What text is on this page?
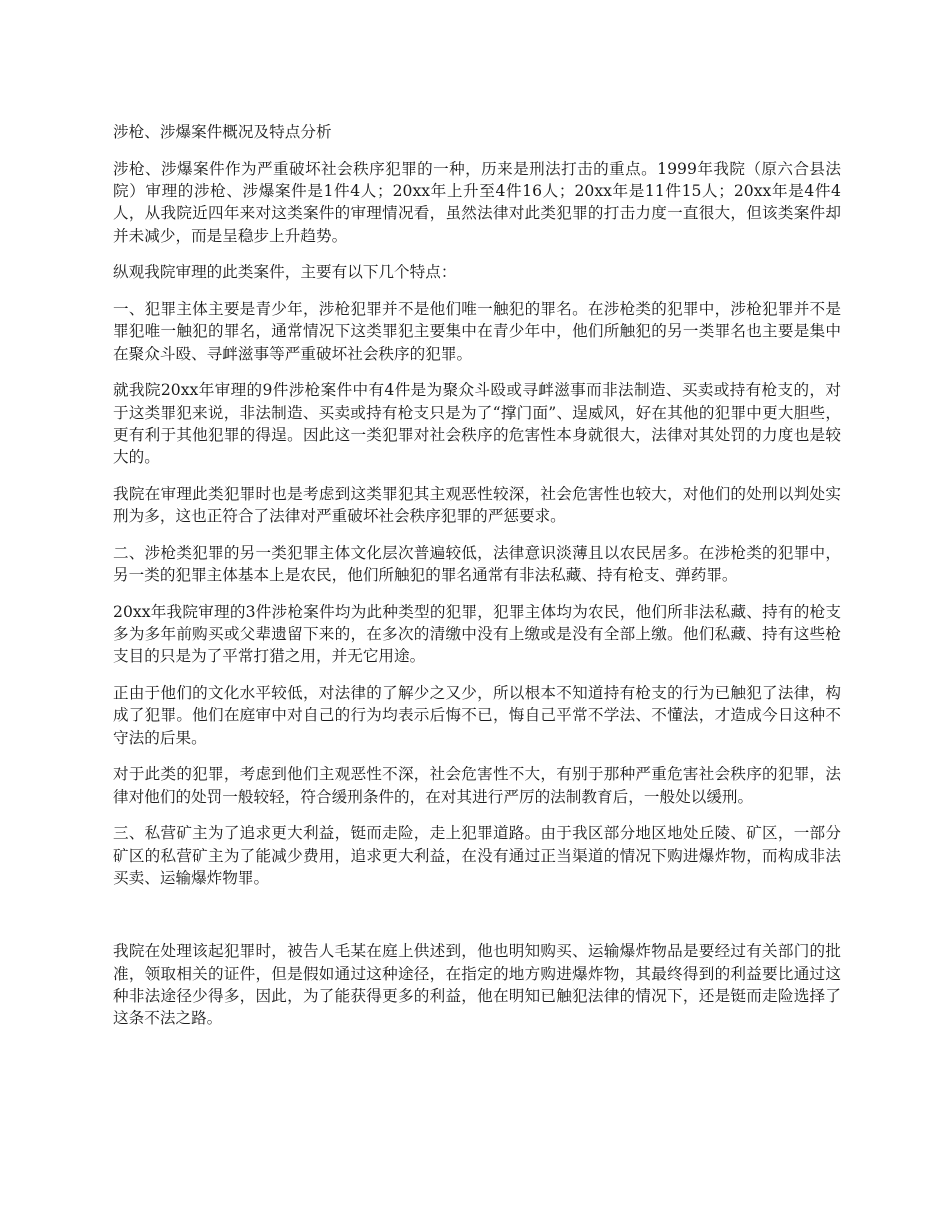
涉枪、涉爆案件概况及特点分析

涉枪、涉爆案件作为严重破坏社会秩序犯罪的一种，历来是刑法打击的重点。1999年我院（原六合县法院）审理的涉枪、涉爆案件是1件4人；20xx年上升至4件16人；20xx年是11件15人；20xx年是4件4人，从我院近四年来对这类案件的审理情况看，虽然法律对此类犯罪的打击力度一直很大，但该类案件却并未减少，而是呈稳步上升趋势。

纵观我院审理的此类案件，主要有以下几个特点：

一、犯罪主体主要是青少年，涉枪犯罪并不是他们唯一触犯的罪名。在涉枪类的犯罪中，涉枪犯罪并不是罪犯唯一触犯的罪名，通常情况下这类罪犯主要集中在青少年中，他们所触犯的另一类罪名也主要是集中在聚众斗殴、寻衅滋事等严重破坏社会秩序的犯罪。

就我院20xx年审理的9件涉枪案件中有4件是为聚众斗殴或寻衅滋事而非法制造、买卖或持有枪支的，对于这类罪犯来说，非法制造、买卖或持有枪支只是为了“撑门面”、逞威风，好在其他的犯罪中更大胆些，更有利于其他犯罪的得逞。因此这一类犯罪对社会秩序的危害性本身就很大，法律对其处罚的力度也是较大的。

我院在审理此类犯罪时也是考虑到这类罪犯其主观恶性较深，社会危害性也较大，对他们的处刑以判处实刑为多，这也正符合了法律对严重破坏社会秩序犯罪的严惩要求。

二、涉枪类犯罪的另一类犯罪主体文化层次普遍较低，法律意识淡薄且以农民居多。在涉枪类的犯罪中，另一类的犯罪主体基本上是农民，他们所触犯的罪名通常有非法私藏、持有枪支、弹药罪。

20xx年我院审理的3件涉枪案件均为此种类型的犯罪，犯罪主体均为农民，他们所非法私藏、持有的枪支多为多年前购买或父辈遗留下来的，在多次的清缴中没有上缴或是没有全部上缴。他们私藏、持有这些枪支目的只是为了平常打猎之用，并无它用途。

正由于他们的文化水平较低，对法律的了解少之又少，所以根本不知道持有枪支的行为已触犯了法律，构成了犯罪。他们在庭审中对自己的行为均表示后悔不已，悔自己平常不学法、不懂法，才造成今日这种不守法的后果。

对于此类的犯罪，考虑到他们主观恶性不深，社会危害性不大，有别于那种严重危害社会秩序的犯罪，法律对他们的处罚一般较轻，符合缓刑条件的，在对其进行严厉的法制教育后，一般处以缓刑。

三、私营矿主为了追求更大利益，铤而走险，走上犯罪道路。由于我区部分地区地处丘陵、矿区，一部分矿区的私营矿主为了能减少费用，追求更大利益，在没有通过正当渠道的情况下购进爆炸物，而构成非法买卖、运输爆炸物罪。

我院在处理该起犯罪时，被告人毛某在庭上供述到，他也明知购买、运输爆炸物品是要经过有关部门的批准，领取相关的证件，但是假如通过这种途径，在指定的地方购进爆炸物，其最终得到的利益要比通过这种非法途径少得多，因此，为了能获得更多的利益，他在明知已触犯法律的情况下，还是铤而走险选择了这条不法之路。
